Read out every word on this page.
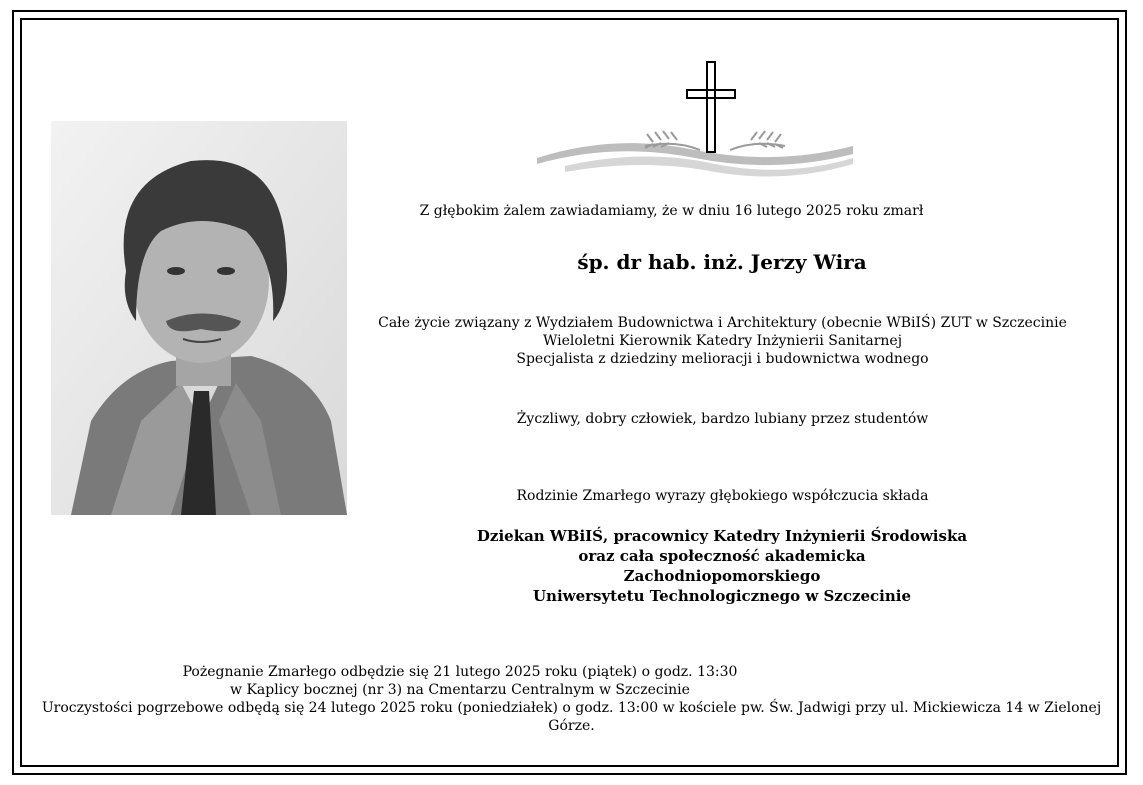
Z głębokim żalem zawiadamiamy, że w dniu 16 lutego 2025 roku zmarł
śp. dr hab. inż. Jerzy Wira
Całe życie związany z Wydziałem Budownictwa i Architektury (obecnie WBiIŚ) ZUT w Szczecinie
Wieloletni Kierownik Katedry Inżynierii Sanitarnej
Specjalista z dziedziny melioracji i budownictwa wodnego
Życzliwy, dobry człowiek, bardzo lubiany przez studentów
Rodzinie Zmarłego wyrazy głębokiego współczucia składa
Dziekan WBiIŚ, pracownicy Katedry Inżynierii Środowiska
oraz cała społeczność akademicka
Zachodniopomorskiego
Uniwersytetu Technologicznego w Szczecinie
Pożegnanie Zmarłego odbędzie się 21 lutego 2025 roku (piątek) o godz. 13:30
w Kaplicy bocznej (nr 3) na Cmentarzu Centralnym w Szczecinie
Uroczystości pogrzebowe odbędą się 24 lutego 2025 roku (poniedziałek) o godz. 13:00 w kościele pw. Św. Jadwigi przy ul. Mickiewicza 14 w Zielonej Górze.
